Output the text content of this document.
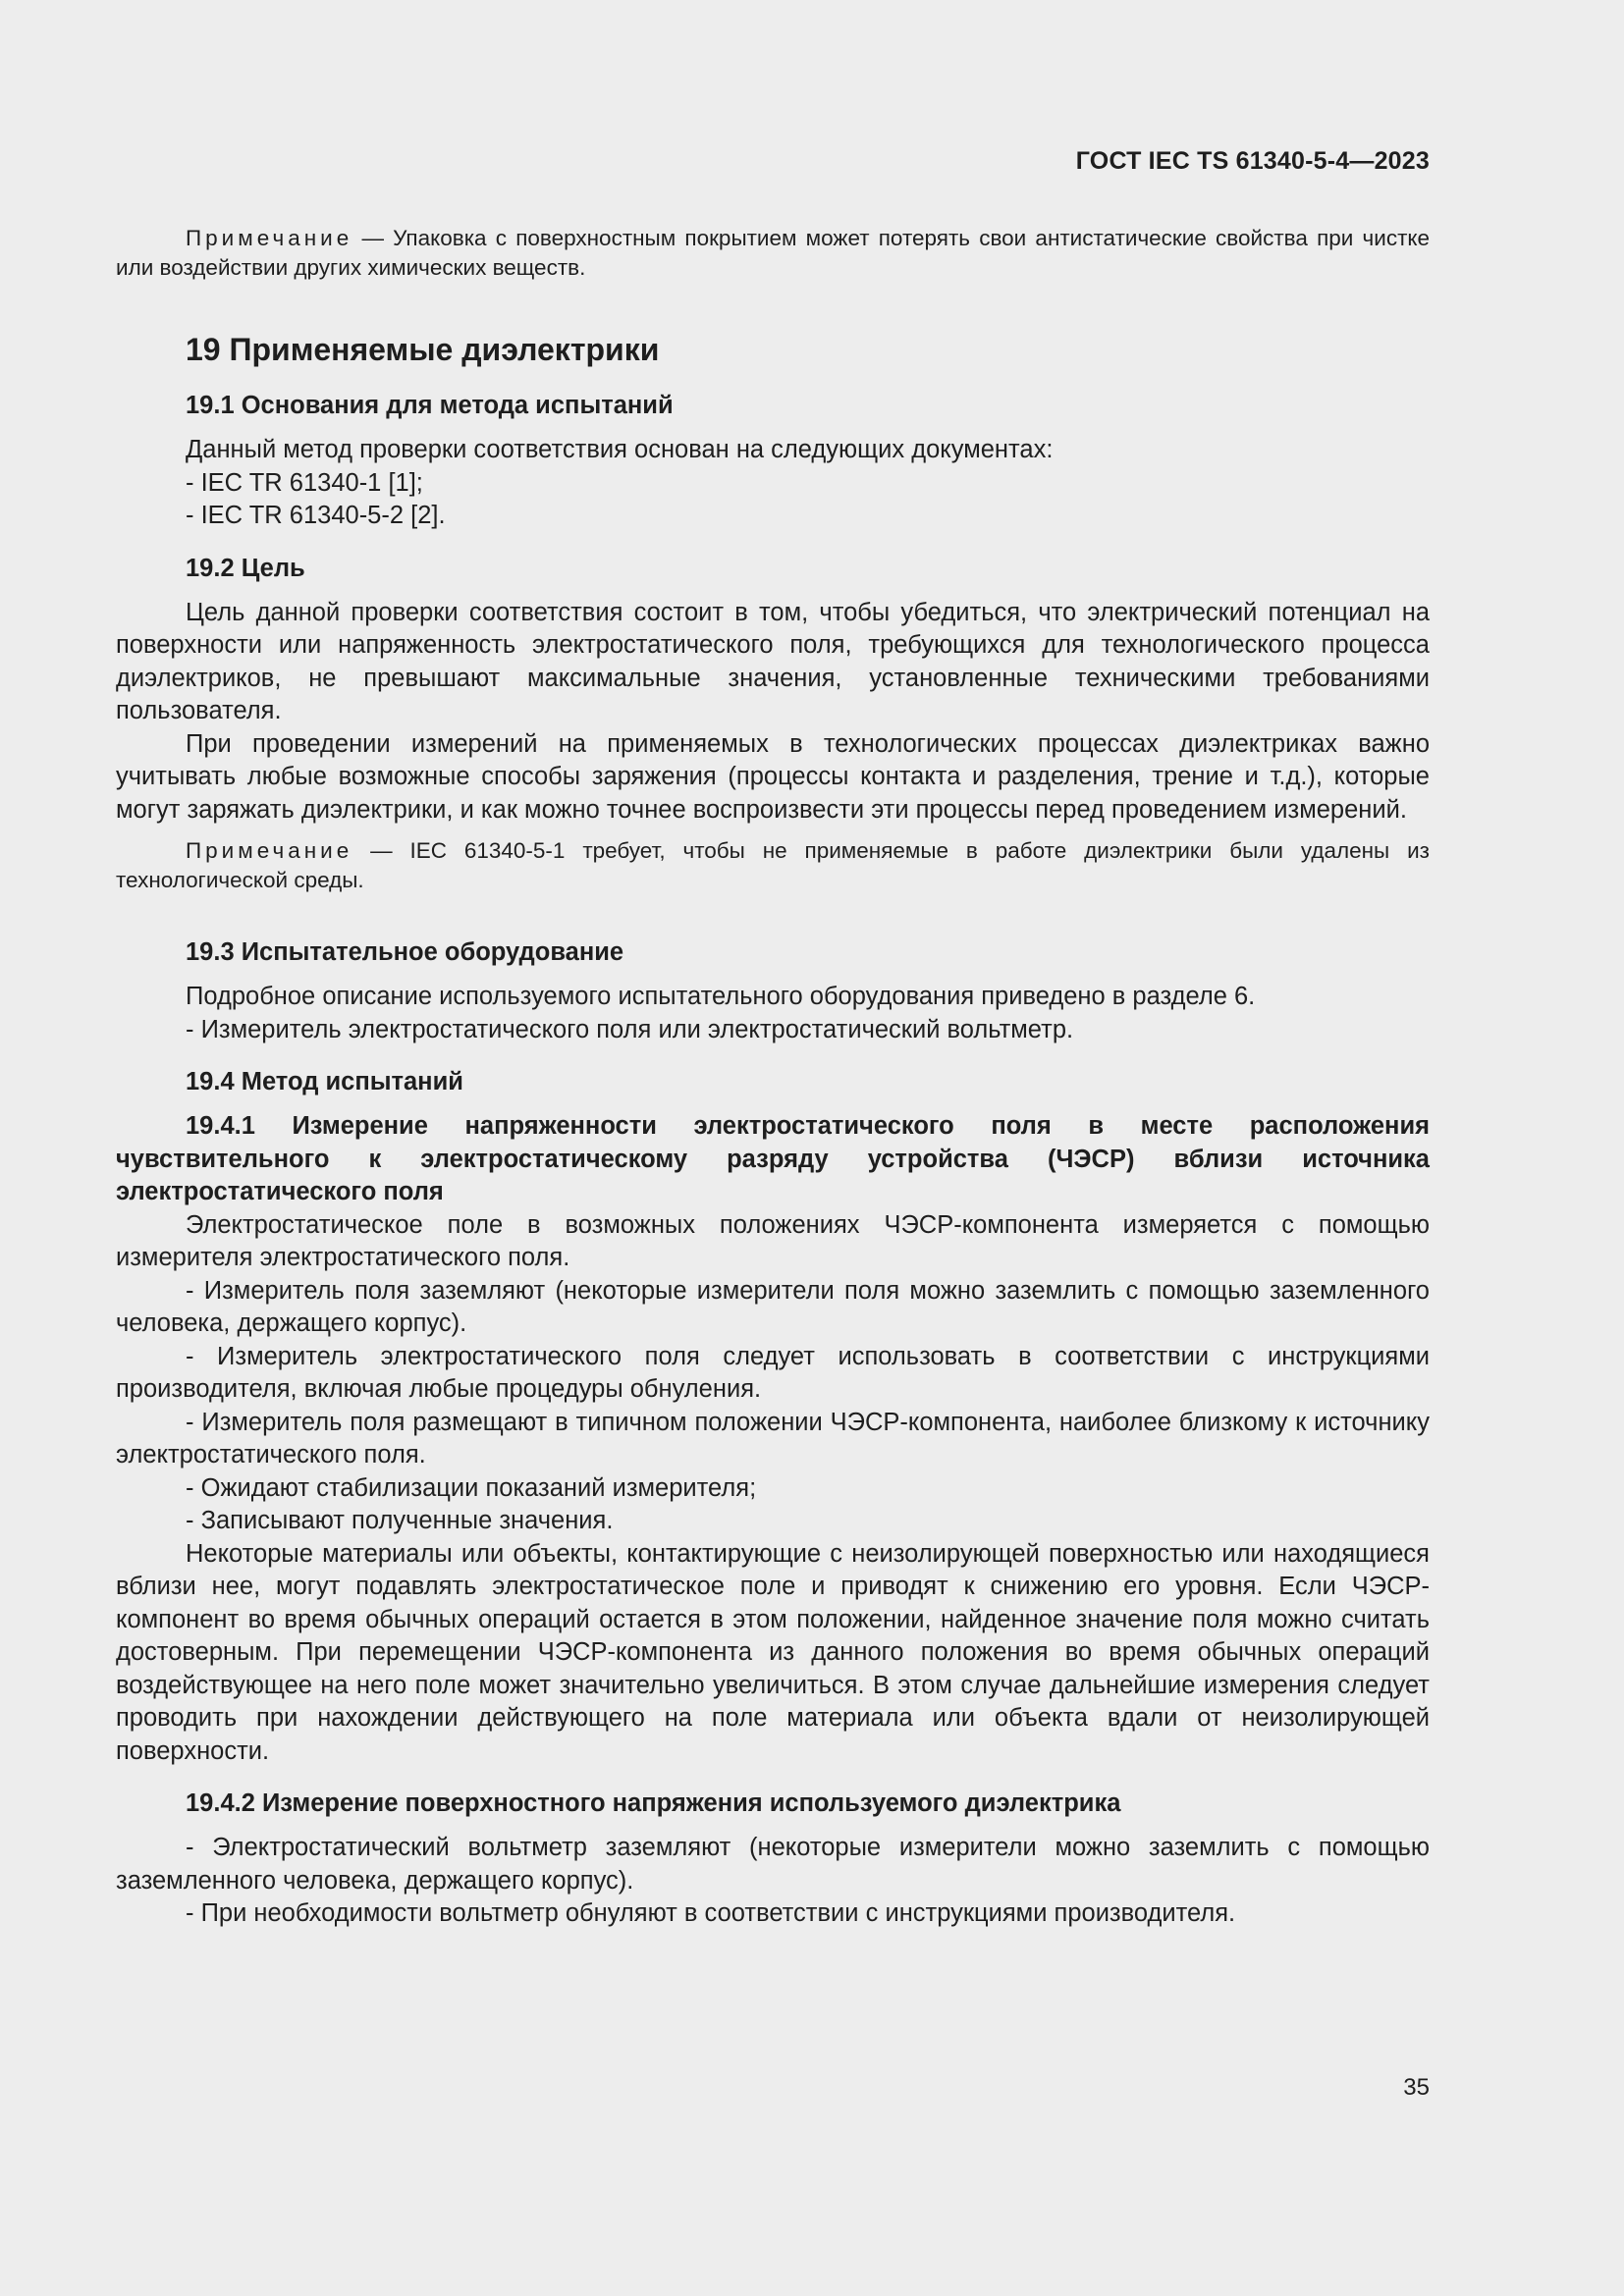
ГОСТ IEC TS 61340-5-4—2023

Примечание — Упаковка с поверхностным покрытием может потерять свои антистатические свойства при чистке или воздействии других химических веществ.

19 Применяемые диэлектрики

19.1 Основания для метода испытаний

Данный метод проверки соответствия основан на следующих документах:

- IEC TR 61340-1 [1];

- IEC TR 61340-5-2 [2].

19.2 Цель

Цель данной проверки соответствия состоит в том, чтобы убедиться, что электрический потенциал на поверхности или напряженность электростатического поля, требующихся для технологического процесса диэлектриков, не превышают максимальные значения, установленные техническими требованиями пользователя.

При проведении измерений на применяемых в технологических процессах диэлектриках важно учитывать любые возможные способы заряжения (процессы контакта и разделения, трение и т.д.), которые могут заряжать диэлектрики, и как можно точнее воспроизвести эти процессы перед проведением измерений.

Примечание — IEC 61340-5-1 требует, чтобы не применяемые в работе диэлектрики были удалены из технологической среды.

19.3 Испытательное оборудование

Подробное описание используемого испытательного оборудования приведено в разделе 6.

- Измеритель электростатического поля или электростатический вольтметр.

19.4 Метод испытаний

19.4.1 Измерение напряженности электростатического поля в месте расположения чувствительного к электростатическому разряду устройства (ЧЭСР) вблизи источника электростатического поля

Электростатическое поле в возможных положениях ЧЭСР-компонента измеряется с помощью измерителя электростатического поля.

- Измеритель поля заземляют (некоторые измерители поля можно заземлить с помощью заземленного человека, держащего корпус).

- Измеритель электростатического поля следует использовать в соответствии с инструкциями производителя, включая любые процедуры обнуления.

- Измеритель поля размещают в типичном положении ЧЭСР-компонента, наиболее близкому к источнику электростатического поля.

- Ожидают стабилизации показаний измерителя;

- Записывают полученные значения.

Некоторые материалы или объекты, контактирующие с неизолирующей поверхностью или находящиеся вблизи нее, могут подавлять электростатическое поле и приводят к снижению его уровня. Если ЧЭСР-компонент во время обычных операций остается в этом положении, найденное значение поля можно считать достоверным. При перемещении ЧЭСР-компонента из данного положения во время обычных операций воздействующее на него поле может значительно увеличиться. В этом случае дальнейшие измерения следует проводить при нахождении действующего на поле материала или объекта вдали от неизолирующей поверхности.

19.4.2 Измерение поверхностного напряжения используемого диэлектрика

- Электростатический вольтметр заземляют (некоторые измерители можно заземлить с помощью заземленного человека, держащего корпус).

- При необходимости вольтметр обнуляют в соответствии с инструкциями производителя.

35
